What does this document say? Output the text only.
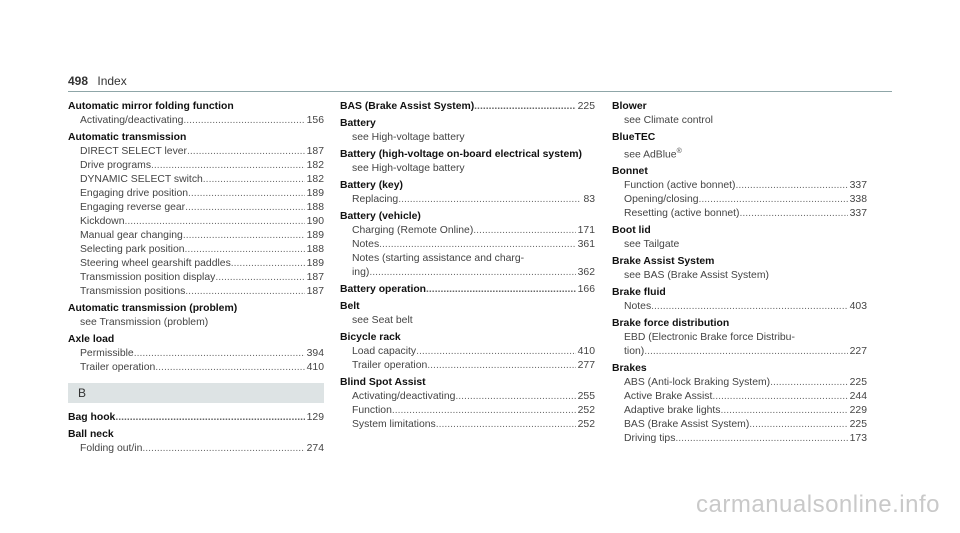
498 Index
Automatic mirror folding function
Activating/deactivating .....	156
Automatic transmission
DIRECT SELECT lever .....	187
Drive programs .....	182
DYNAMIC SELECT switch .....	182
Engaging drive position .....	189
Engaging reverse gear .....	188
Kickdown .....	190
Manual gear changing .....	189
Selecting park position .....	188
Steering wheel gearshift paddles .....	189
Transmission position display .....	187
Transmission positions .....	187
Automatic transmission (problem)
see Transmission (problem)
Axle load
Permissible .....	394
Trailer operation .....	410
B
Bag hook .....	129
Ball neck
Folding out/in .....	274
BAS (Brake Assist System) .....	225
Battery
see High-voltage battery
Battery (high-voltage on-board electrical system)
see High-voltage battery
Battery (key)
Replacing .....	83
Battery (vehicle)
Charging (Remote Online) .....	171
Notes .....	361
Notes (starting assistance and charg-
ing) .....	362
Battery operation .....	166
Belt
see Seat belt
Bicycle rack
Load capacity .....	410
Trailer operation .....	277
Blind Spot Assist
Activating/deactivating .....	255
Function .....	252
System limitations .....	252
Blower
see Climate control
BlueTEC
see AdBlue®
Bonnet
Function (active bonnet) .....	337
Opening/closing .....	338
Resetting (active bonnet) .....	337
Boot lid
see Tailgate
Brake Assist System
see BAS (Brake Assist System)
Brake fluid
Notes .....	403
Brake force distribution
EBD (Electronic Brake force Distribu-
tion) .....	227
Brakes
ABS (Anti-lock Braking System) .....	225
Active Brake Assist .....	244
Adaptive brake lights .....	229
BAS (Brake Assist System) .....	225
Driving tips .....	173
carmanualsonline.info
